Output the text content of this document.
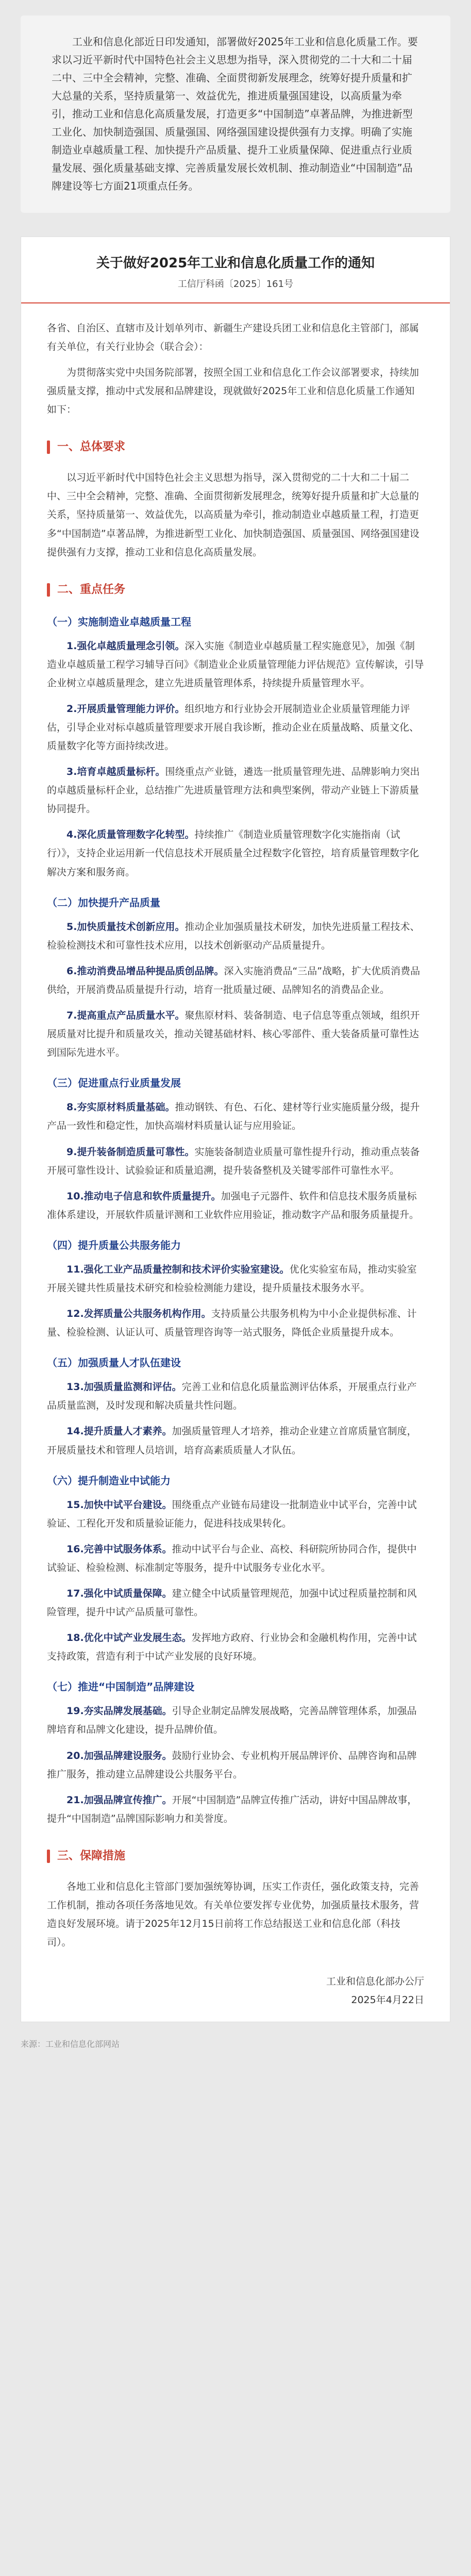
工业和信息化部近日印发通知，部署做好2025年工业和信息化质量工作。要求以习近平新时代中国特色社会主义思想为指导，深入贯彻党的二十大和二十届二中、三中全会精神，完整、准确、全面贯彻新发展理念，统筹好提升质量和扩大总量的关系，坚持质量第一、效益优先，推进质量强国建设，以高质量为牵引，推动工业和信息化高质量发展，打造更多“中国制造”卓著品牌，为推进新型工业化、加快制造强国、质量强国、网络强国建设提供强有力支撑。明确了实施制造业卓越质量工程、加快提升产品质量、提升工业质量保障、促进重点行业质量发展、强化质量基础支撑、完善质量发展长效机制、推动制造业“中国制造”品牌建设等七方面21项重点任务。
关于做好2025年工业和信息化质量工作的通知
工信厅科函〔2025〕161号

各省、自治区、直辖市及计划单列市、新疆生产建设兵团工业和信息化主管部门，部属有关单位，有关行业协会（联合会）：

为贯彻落实党中央国务院部署，按照全国工业和信息化工作会议部署要求，持续加强质量支撑，推动中式发展和品牌建设，现就做好2025年工业和信息化质量工作通知如下：

一、总体要求

以习近平新时代中国特色社会主义思想为指导，深入贯彻党的二十大和二十届二中、三中全会精神，完整、准确、全面贯彻新发展理念，统筹好提升质量和扩大总量的关系，坚持质量第一、效益优先，以高质量为牵引，推动制造业卓越质量工程，打造更多“中国制造”卓著品牌，为推进新型工业化、加快制造强国、质量强国、网络强国建设提供强有力支撑，推动工业和信息化高质量发展。

二、重点任务
（一）实施制造业卓越质量工程

1.强化卓越质量理念引领。深入实施《制造业卓越质量工程实施意见》，加强《制造业卓越质量工程学习辅导百问》《制造业企业质量管理能力评估规范》宣传解读，引导企业树立卓越质量理念，建立先进质量管理体系，持续提升质量管理水平。

2.开展质量管理能力评价。组织地方和行业协会开展制造业企业质量管理能力评估，引导企业对标卓越质量管理要求开展自我诊断，推动企业在质量战略、质量文化、质量数字化等方面持续改进。

3.培育卓越质量标杆。围绕重点产业链，遴选一批质量管理先进、品牌影响力突出的卓越质量标杆企业，总结推广先进质量管理方法和典型案例，带动产业链上下游质量协同提升。

4.深化质量管理数字化转型。持续推广《制造业质量管理数字化实施指南（试行）》，支持企业运用新一代信息技术开展质量全过程数字化管控，培育质量管理数字化解决方案和服务商。

（二）加快提升产品质量

5.加快质量技术创新应用。推动企业加强质量技术研发，加快先进质量工程技术、检验检测技术和可靠性技术应用，以技术创新驱动产品质量提升。

6.推动消费品增品种提品质创品牌。深入实施消费品“三品”战略，扩大优质消费品供给，开展消费品质量提升行动，培育一批质量过硬、品牌知名的消费品企业。

7.提高重点产品质量水平。聚焦原材料、装备制造、电子信息等重点领域，组织开展质量对比提升和质量攻关，推动关键基础材料、核心零部件、重大装备质量可靠性达到国际先进水平。

（三）促进重点行业质量发展

8.夯实原材料质量基础。推动钢铁、有色、石化、建材等行业实施质量分级，提升产品一致性和稳定性，加快高端材料质量认证与应用验证。

9.提升装备制造质量可靠性。实施装备制造业质量可靠性提升行动，推动重点装备开展可靠性设计、试验验证和质量追溯，提升装备整机及关键零部件可靠性水平。

10.推动电子信息和软件质量提升。加强电子元器件、软件和信息技术服务质量标准体系建设，开展软件质量评测和工业软件应用验证，推动数字产品和服务质量提升。

（四）提升质量公共服务能力

11.强化工业产品质量控制和技术评价实验室建设。优化实验室布局，推动实验室开展关键共性质量技术研究和检验检测能力建设，提升质量技术服务水平。

12.发挥质量公共服务机构作用。支持质量公共服务机构为中小企业提供标准、计量、检验检测、认证认可、质量管理咨询等一站式服务，降低企业质量提升成本。

（五）加强质量人才队伍建设

13.加强质量监测和评估。完善工业和信息化质量监测评估体系，开展重点行业产品质量监测，及时发现和解决质量共性问题。

14.提升质量人才素养。加强质量管理人才培养，推动企业建立首席质量官制度，开展质量技术和管理人员培训，培育高素质质量人才队伍。

（六）提升制造业中试能力

15.加快中试平台建设。围绕重点产业链布局建设一批制造业中试平台，完善中试验证、工程化开发和质量验证能力，促进科技成果转化。

16.完善中试服务体系。推动中试平台与企业、高校、科研院所协同合作，提供中试验证、检验检测、标准制定等服务，提升中试服务专业化水平。

17.强化中试质量保障。建立健全中试质量管理规范，加强中试过程质量控制和风险管理，提升中试产品质量可靠性。

18.优化中试产业发展生态。发挥地方政府、行业协会和金融机构作用，完善中试支持政策，营造有利于中试产业发展的良好环境。

（七）推进“中国制造”品牌建设

19.夯实品牌发展基础。引导企业制定品牌发展战略，完善品牌管理体系，加强品牌培育和品牌文化建设，提升品牌价值。

20.加强品牌建设服务。鼓励行业协会、专业机构开展品牌评价、品牌咨询和品牌推广服务，推动建立品牌建设公共服务平台。

21.加强品牌宣传推广。开展“中国制造”品牌宣传推广活动，讲好中国品牌故事，提升“中国制造”品牌国际影响力和美誉度。

三、保障措施

各地工业和信息化主管部门要加强统筹协调，压实工作责任，强化政策支持，完善工作机制，推动各项任务落地见效。有关单位要发挥专业优势，加强质量技术服务，营造良好发展环境。请于2025年12月15日前将工作总结报送工业和信息化部（科技司）。

工业和信息化部办公厅
2025年4月22日
来源：工业和信息化部网站
